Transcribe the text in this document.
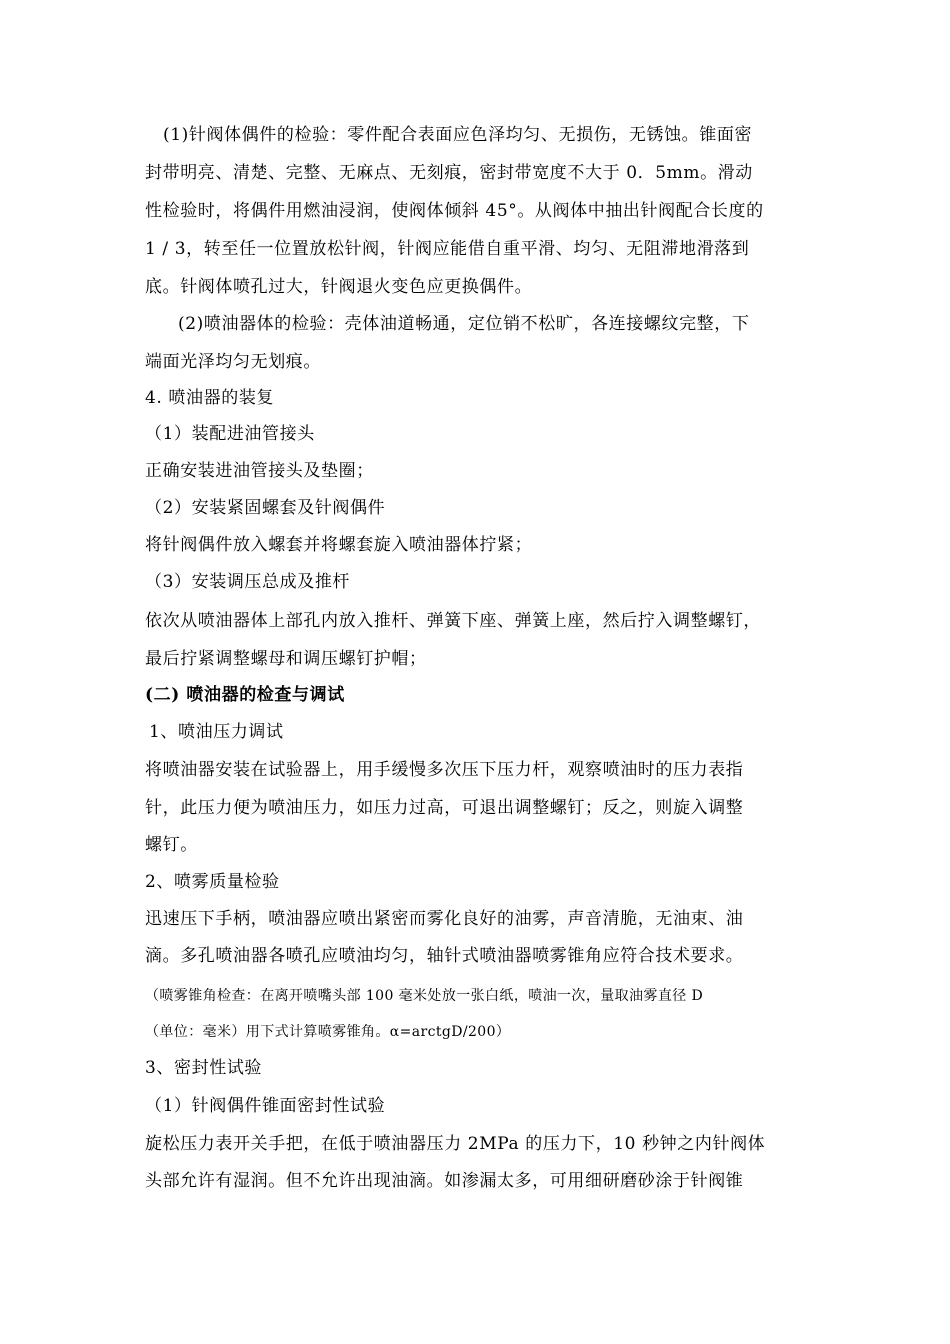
(1)针阀体偶件的检验：零件配合表面应色泽均匀、无损伤，无锈蚀。锥面密
封带明亮、清楚、完整、无麻点、无刻痕，密封带宽度不大于 0．5mm。滑动
性检验时，将偶件用燃油浸润，使阀体倾斜 45°。从阀体中抽出针阀配合长度的
1 / 3，转至任一位置放松针阀，针阀应能借自重平滑、均匀、无阻滞地滑落到
底。针阀体喷孔过大，针阀退火变色应更换偶件。
(2)喷油器体的检验：壳体油道畅通，定位销不松旷，各连接螺纹完整，下
端面光泽均匀无划痕。
4. 喷油器的装复
（1）装配进油管接头
正确安装进油管接头及垫圈；
（2）安装紧固螺套及针阀偶件
将针阀偶件放入螺套并将螺套旋入喷油器体拧紧；
（3）安装调压总成及推杆
依次从喷油器体上部孔内放入推杆、弹簧下座、弹簧上座，然后拧入调整螺钉，
最后拧紧调整螺母和调压螺钉护帽；
(二) 喷油器的检查与调试
1、喷油压力调试
将喷油器安装在试验器上，用手缓慢多次压下压力杆，观察喷油时的压力表指
针，此压力便为喷油压力，如压力过高，可退出调整螺钉；反之，则旋入调整
螺钉。
2、喷雾质量检验
迅速压下手柄，喷油器应喷出紧密而雾化良好的油雾，声音清脆，无油束、油
滴。多孔喷油器各喷孔应喷油均匀，轴针式喷油器喷雾锥角应符合技术要求。
（喷雾锥角检查：在离开喷嘴头部 100 毫米处放一张白纸，喷油一次，量取油雾直径 D
（单位：毫米）用下式计算喷雾锥角。α=arctgD/200）
3、密封性试验
（1）针阀偶件锥面密封性试验
旋松压力表开关手把，在低于喷油器压力 2MPa 的压力下，10 秒钟之内针阀体
头部允许有湿润。但不允许出现油滴。如渗漏太多，可用细研磨砂涂于针阀锥
